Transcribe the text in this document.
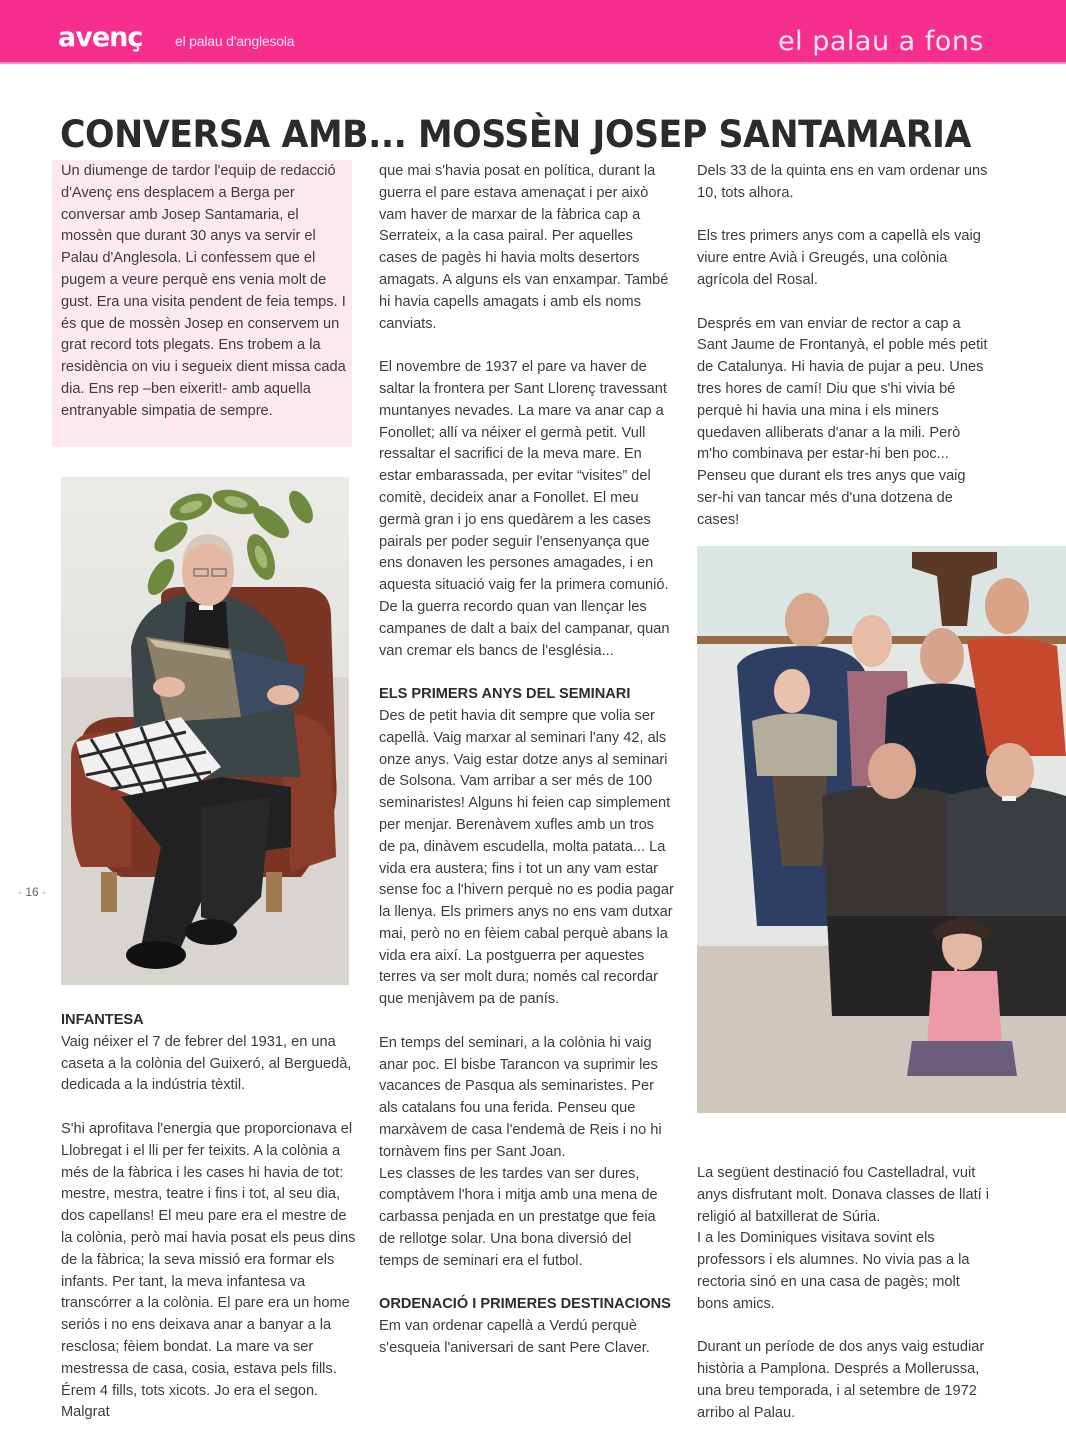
avenç el palau d'anglesola	el palau a fons
CONVERSA AMB... MOSSÈN JOSEP SANTAMARIA
Un diumenge de tardor l'equip de redacció d'Avenç ens desplacem a Berga per conversar amb Josep Santamaria, el mossèn que durant 30 anys va servir el Palau d'Anglesola. Li confessem que el pugem a veure perquè ens venia molt de gust. Era una visita pendent de feia temps. I és que de mossèn Josep en conservem un grat record tots plegats. Ens trobem a la residència on viu i segueix dient missa cada dia. Ens rep –ben eixerit!- amb aquella entranyable simpatia de sempre.
INFANTESA

Vaig néixer el 7 de febrer del 1931, en una caseta a la colònia del Guixeró, al Berguedà, dedicada a la indústria tèxtil.

S'hi aprofitava l'energia que proporcionava el Llobregat i el lli per fer teixits. A la colònia a més de la fàbrica i les cases hi havia de tot: mestre, mestra, teatre i fins i tot, al seu dia, dos capellans! El meu pare era el mestre de la colònia, però mai havia posat els peus dins de la fàbrica; la seva missió era formar els infants. Per tant, la meva infantesa va transcórrer a la colònia. El pare era un home seriós i no ens deixava anar a banyar a la resclosa; fèiem bondat. La mare va ser mestressa de casa, cosia, estava pels fills. Érem 4 fills, tots xicots. Jo era el segon. Malgrat

que mai s'havia posat en política, durant la guerra el pare estava amenaçat i per això vam haver de marxar de la fàbrica cap a Serrateix, a la casa pairal. Per aquelles cases de pagès hi havia molts desertors amagats. A alguns els van enxampar. També hi havia capells amagats i amb els noms canviats.

El novembre de 1937 el pare va haver de saltar la frontera per Sant Llorenç travessant muntanyes nevades. La mare va anar cap a Fonollet; allí va néixer el germà petit. Vull ressaltar el sacrifici de la meva mare. En estar embarassada, per evitar “visites” del comitè, decideix anar a Fonollet. El meu germà gran i jo ens quedàrem a les cases pairals per poder seguir l'ensenyança que ens donaven les persones amagades, i en aquesta situació vaig fer la primera comunió. De la guerra recordo quan van llençar les campanes de dalt a baix del campanar, quan van cremar els bancs de l'església...

ELS PRIMERS ANYS DEL SEMINARI

Des de petit havia dit sempre que volia ser capellà. Vaig marxar al seminari l'any 42, als onze anys. Vaig estar dotze anys al seminari de Solsona. Vam arribar a ser més de 100 seminaristes! Alguns hi feien cap simplement per menjar. Berenàvem xufles amb un tros de pa, dinàvem escudella, molta patata... La vida era austera; fins i tot un any vam estar sense foc a l'hivern perquè no es podia pagar la llenya. Els primers anys no ens vam dutxar mai, però no en fèiem cabal perquè abans la vida era així. La postguerra per aquestes terres va ser molt dura; només cal recordar que menjàvem pa de panís.

En temps del seminari, a la colònia hi vaig anar poc. El bisbe Tarancon va suprimir les vacances de Pasqua als seminaristes. Per als catalans fou una ferida. Penseu que marxàvem de casa l'endemà de Reis i no hi tornàvem fins per Sant Joan.

Les classes de les tardes van ser dures, comptàvem l'hora i mitja amb una mena de carbassa penjada en un prestatge que feia de rellotge solar. Una bona diversió del temps de seminari era el futbol.

ORDENACIÓ I PRIMERES DESTINACIONS

Em van ordenar capellà a Verdú perquè s'esqueia l'aniversari de sant Pere Claver.

Dels 33 de la quinta ens en vam ordenar uns 10, tots alhora.

Els tres primers anys com a capellà els vaig viure entre Avià i Greugés, una colònia agrícola del Rosal.

Després em van enviar de rector a cap a Sant Jaume de Frontanyà, el poble més petit de Catalunya. Hi havia de pujar a peu. Unes tres hores de camí! Diu que s'hi vivia bé perquè hi havia una mina i els miners quedaven alliberats d'anar a la mili. Però m'ho combinava per estar-hi ben poc... Penseu que durant els tres anys que vaig ser-hi van tancar més d'una dotzena de cases!

La següent destinació fou Castelladral, vuit anys disfrutant molt. Donava classes de llatí i religió al batxillerat de Súria.

I a les Dominiques visitava sovint els professors i els alumnes. No vivia pas a la rectoria sinó en una casa de pagès; molt bons amics.

Durant un període de dos anys vaig estudiar història a Pamplona. Després a Mollerussa, una breu temporada, i al setembre de 1972 arribo al Palau.

· 16 ·
